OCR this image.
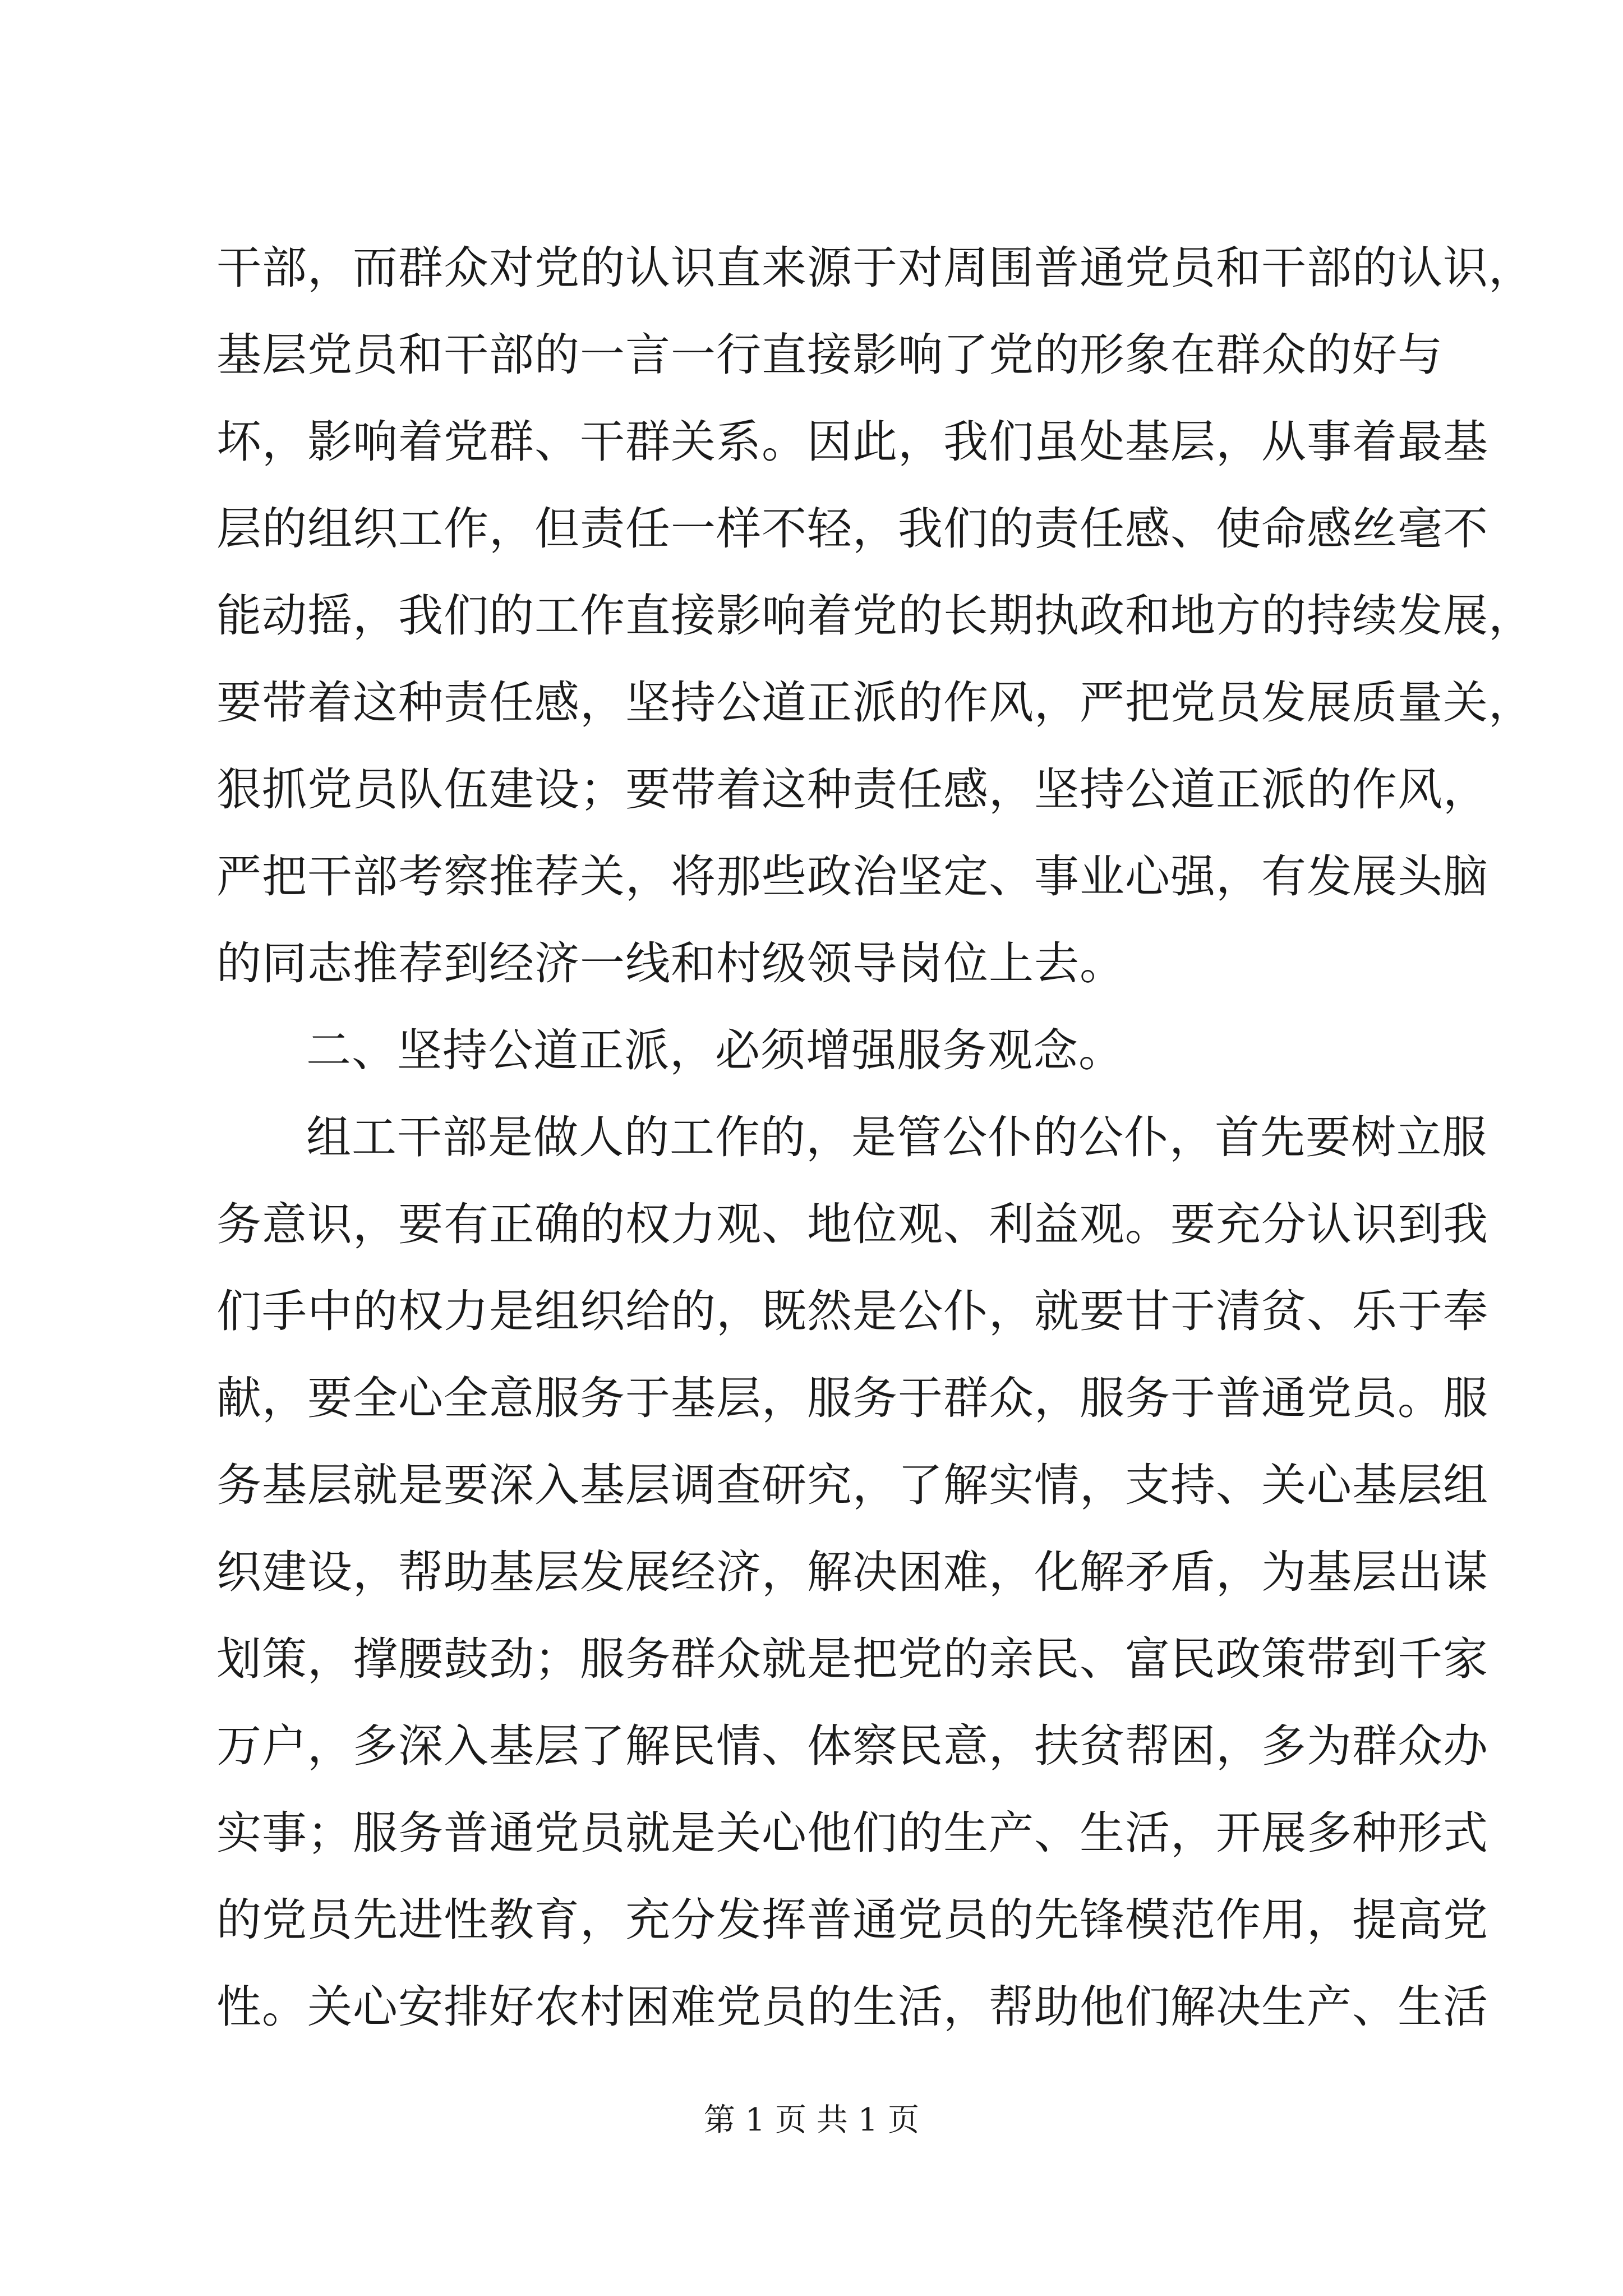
干部，而群众对党的认识直来源于对周围普通党员和干部的认识，
基层党员和干部的一言一行直接影响了党的形象在群众的好与
坏，影响着党群、干群关系。因此，我们虽处基层，从事着最基
层的组织工作，但责任一样不轻，我们的责任感、使命感丝毫不
能动摇，我们的工作直接影响着党的长期执政和地方的持续发展，
要带着这种责任感，坚持公道正派的作风，严把党员发展质量关，
狠抓党员队伍建设；要带着这种责任感，坚持公道正派的作风，
严把干部考察推荐关，将那些政治坚定、事业心强，有发展头脑
的同志推荐到经济一线和村级领导岗位上去。
二、坚持公道正派，必须增强服务观念。
组工干部是做人的工作的，是管公仆的公仆，首先要树立服
务意识，要有正确的权力观、地位观、利益观。要充分认识到我
们手中的权力是组织给的，既然是公仆，就要甘于清贫、乐于奉
献，要全心全意服务于基层，服务于群众，服务于普通党员。服
务基层就是要深入基层调查研究，了解实情，支持、关心基层组
织建设，帮助基层发展经济，解决困难，化解矛盾，为基层出谋
划策，撑腰鼓劲；服务群众就是把党的亲民、富民政策带到千家
万户，多深入基层了解民情、体察民意，扶贫帮困，多为群众办
实事；服务普通党员就是关心他们的生产、生活，开展多种形式
的党员先进性教育，充分发挥普通党员的先锋模范作用，提高党
性。关心安排好农村困难党员的生活，帮助他们解决生产、生活
第 1 页 共 1 页
